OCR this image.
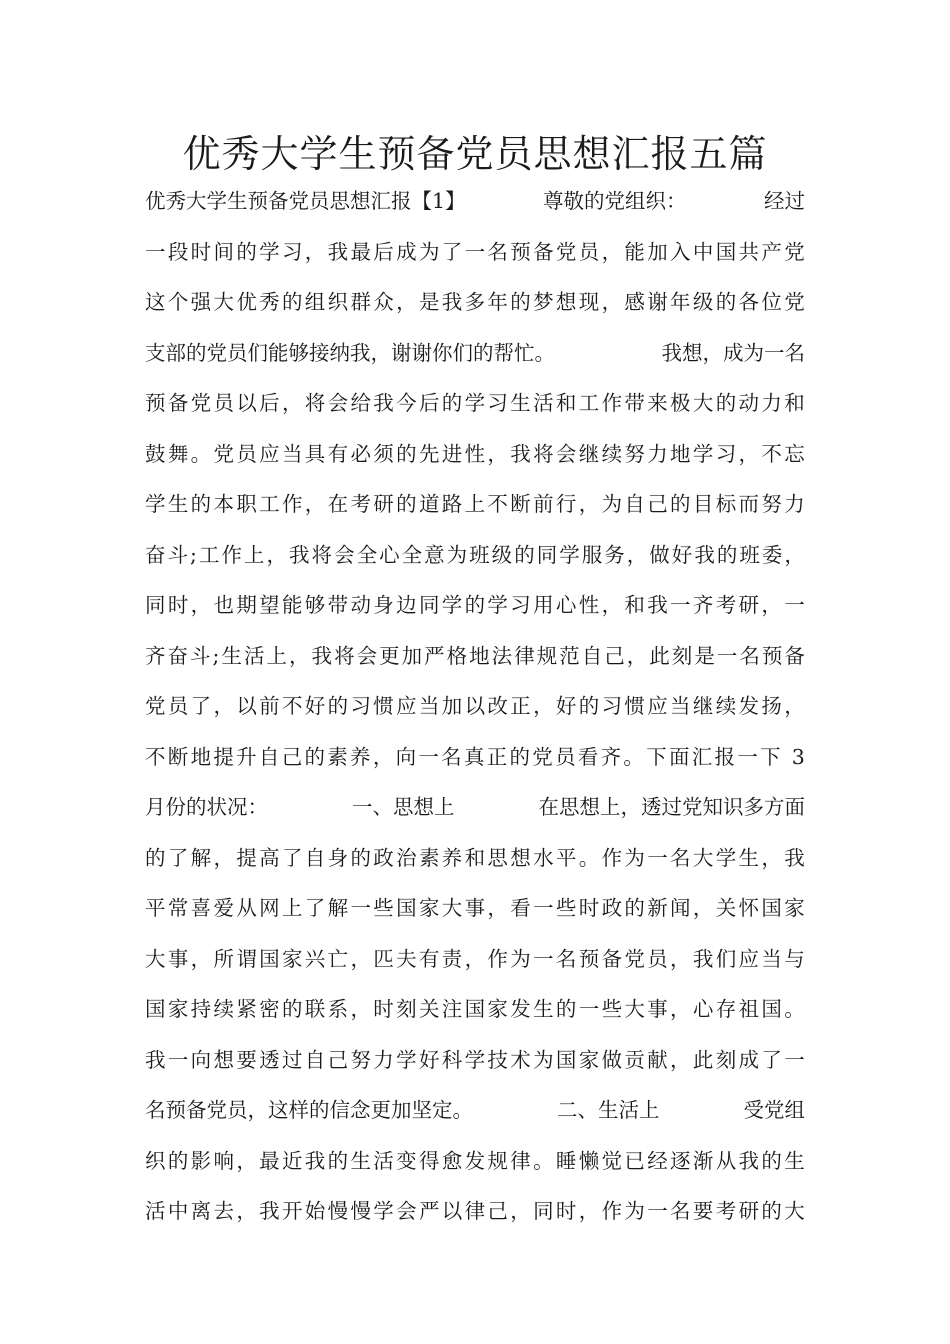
优秀大学生预备党员思想汇报五篇
优秀大学生预备党员思想汇报【1】	尊敬的党组织：	经过
一 段 时 间 的 学 习 ， 我 最 后 成 为 了 一 名 预 备 党 员 ， 能 加 入 中 国 共 产 党
这 个 强 大 优 秀 的 组 织 群 众 ， 是 我 多 年 的 梦 想 现 ， 感 谢 年 级 的 各 位 党
支部的党员们能够接纳我，谢谢你们的帮忙。	我想，成为一名
预 备 党 员 以 后 ， 将 会 给 我 今 后 的 学 习 生 活 和 工 作 带 来 极 大 的 动 力 和
鼓 舞 。 党 员 应 当 具 有 必 须 的 先 进 性 ， 我 将 会 继 续 努 力 地 学 习 ， 不 忘
学 生 的 本 职 工 作 ， 在 考 研 的 道 路 上 不 断 前 行 ， 为 自 己 的 目 标 而 努 力
奋 斗 ; 工 作 上 ， 我 将 会 全 心 全 意 为 班 级 的 同 学 服 务 ， 做 好 我 的 班 委 ，
同 时 ， 也 期 望 能 够 带 动 身 边 同 学 的 学 习 用 心 性 ， 和 我 一 齐 考 研 ， 一
齐 奋 斗 ; 生 活 上 ， 我 将 会 更 加 严 格 地 法 律 规 范 自 己 ， 此 刻 是 一 名 预 备
党 员 了 ， 以 前 不 好 的 习 惯 应 当 加 以 改 正 ， 好 的 习 惯 应 当 继 续 发 扬 ，
不 断 地 提 升 自 己 的 素 养 ， 向 一 名 真 正 的 党 员 看 齐 。 下 面 汇 报 一 下
3
月份的状况：	一、思想上	在思想上，透过党知识多方面
的 了 解 ， 提 高 了 自 身 的 政 治 素 养 和 思 想 水 平 。 作 为 一 名 大 学 生 ， 我
平 常 喜 爱 从 网 上 了 解 一 些 国 家 大 事 ， 看 一 些 时 政 的 新 闻 ， 关 怀 国 家
大 事 ， 所 谓 国 家 兴 亡 ， 匹 夫 有 责 ， 作 为 一 名 预 备 党 员 ， 我 们 应 当 与
国 家 持 续 紧 密 的 联 系 ， 时 刻 关 注 国 家 发 生 的 一 些 大 事 ， 心 存 祖 国 。
我 一 向 想 要 透 过 自 己 努 力 学 好 科 学 技 术 为 国 家 做 贡 献 ， 此 刻 成 了 一
名预备党员，这样的信念更加坚定。	二、生活上	受党组
织 的 影 响 ， 最 近 我 的 生 活 变 得 愈 发 规 律 。 睡 懒 觉 已 经 逐 渐 从 我 的 生
活 中 离 去 ， 我 开 始 慢 慢 学 会 严 以 律 己 ， 同 时 ， 作 为 一 名 要 考 研 的 大
